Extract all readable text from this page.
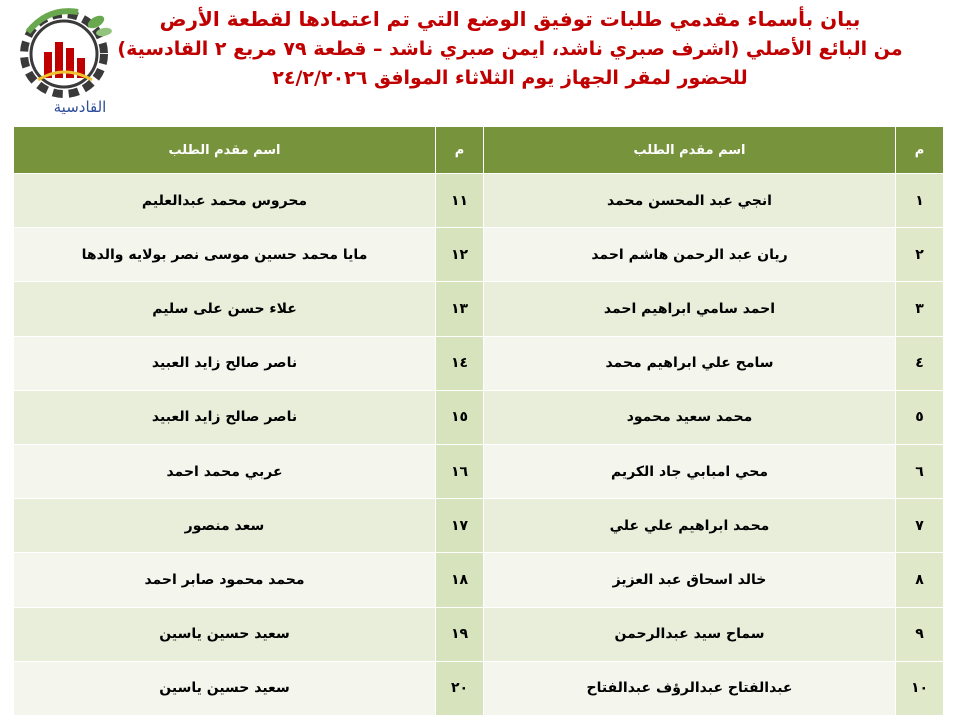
القادسية
بيان بأسماء مقدمي طلبات توفيق الوضع التي تم اعتمادها لقطعة الأرض
من البائع الأصلي (اشرف صبري ناشد، ايمن صبري ناشد – قطعة ٧٩ مربع ٢ القادسية)
للحضور لمقر الجهاز يوم الثلاثاء الموافق ٢٤/٢/٢٠٢٦
م	اسم مقدم الطلب	م	اسم مقدم الطلب
١	انجي عبد المحسن محمد	١١	محروس محمد عبدالعليم
٢	ريان عبد الرحمن هاشم احمد	١٢	مايا محمد حسين موسى نصر بولايه والدها
٣	احمد سامي ابراهيم احمد	١٣	علاء حسن على سليم
٤	سامح علي ابراهيم محمد	١٤	ناصر صالح زايد العبيد
٥	محمد سعيد محمود	١٥	ناصر صالح زايد العبيد
٦	محي امبابي جاد الكريم	١٦	عربي محمد احمد
٧	محمد ابراهيم علي علي	١٧	سعد منصور
٨	خالد اسحاق عبد العزيز	١٨	محمد محمود صابر احمد
٩	سماح سيد عبدالرحمن	١٩	سعيد حسين ياسين
١٠	عبدالفتاح عبدالرؤف عبدالفتاح	٢٠	سعيد حسين ياسين
